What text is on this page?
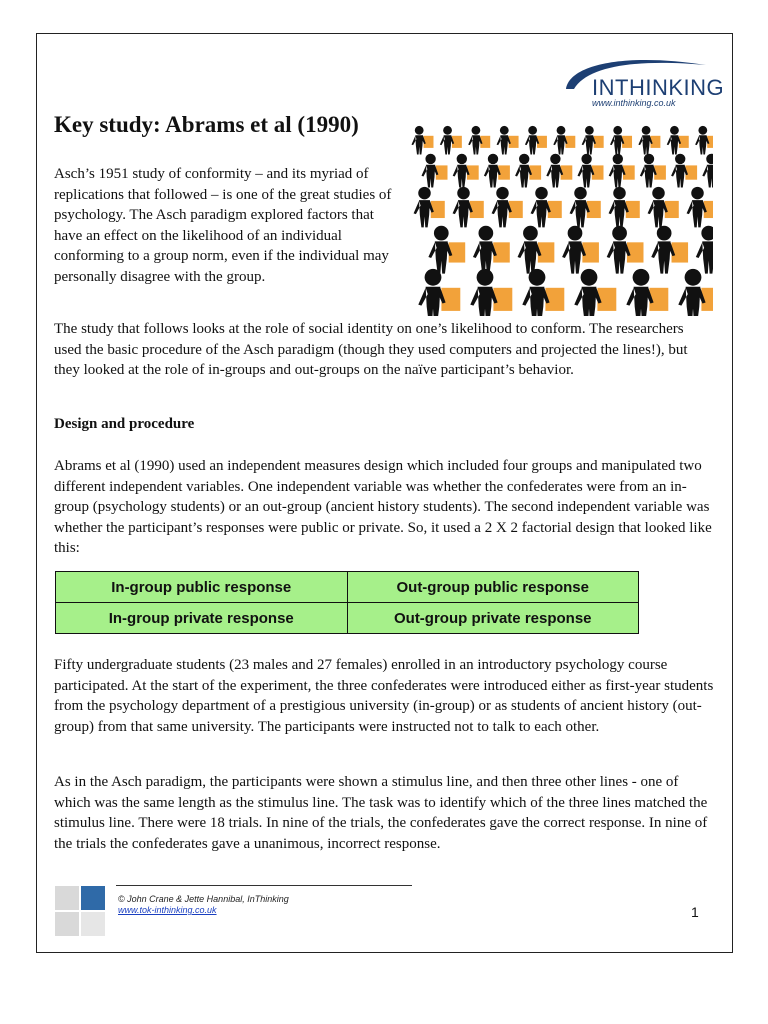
INTHINKING
www.inthinking.co.uk
Key study: Abrams et al (1990)

Asch’s 1951 study of conformity – and its myriad of replications that followed – is one of the great studies of psychology. The Asch paradigm explored factors that have an effect on the likelihood of an individual conforming to a group norm, even if the individual may personally disagree with the group.

The study that follows looks at the role of social identity on one’s likelihood to conform. The researchers used the basic procedure of the Asch paradigm (though they used computers and projected the lines!), but they looked at the role of in-groups and out-groups on the naïve participant’s behavior.

Design and procedure

Abrams et al (1990) used an independent measures design which included four groups and manipulated two different independent variables. One independent variable was whether the confederates were from an in-group (psychology students) or an out-group (ancient history students). The second independent variable was whether the participant’s responses were public or private. So, it used a 2 X 2 factorial design that looked like this:

In-group public response	Out-group public response
In-group private response	Out-group private response

Fifty undergraduate students (23 males and 27 females) enrolled in an introductory psychology course participated. At the start of the experiment, the three confederates were introduced either as first-year students from the psychology department of a prestigious university (in-group) or as students of ancient history (out-group) from that same university. The participants were instructed not to talk to each other.

As in the Asch paradigm, the participants were shown a stimulus line, and then three other lines - one of which was the same length as the stimulus line. The task was to identify which of the three lines matched the stimulus line. There were 18 trials. In nine of the trials, the confederates gave the correct response. In nine of the trials the confederates gave a unanimous, incorrect response.

© John Crane & Jette Hannibal, InThinking
www.tok-inthinking.co.uk	1
